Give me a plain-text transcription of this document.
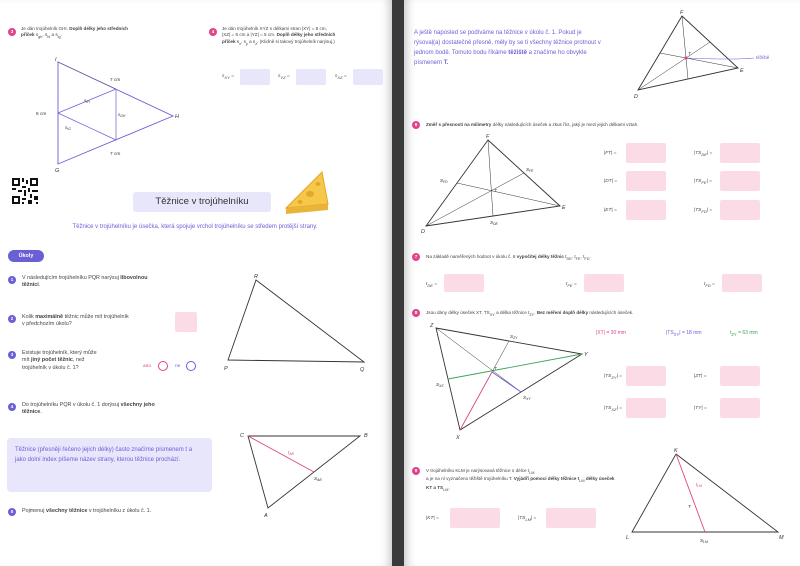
3
Je dán trojúhelník GHI. Doplň délky jeho středních
příček $s_{gh}$, $s_{hi}$ a $s_{ig}$.
I
H
G
7 cm
7 cm
6 cm
$s_{IH}$
$s_{GH}$
$s_{IG}$
4
Je dán trojúhelník XYZ s délkami stran |XY| = 8 cm,
|XZ| = 6 cm a |YZ| = 5 cm. Doplň délky jeho středních
příček $s_x$, $s_y$ a $s_z$. (Kliďně si takový trojúhelník narýsuj.)
$s_{XY}$ =	$s_{YZ}$ =	$s_{XZ}$ =
Těžnice v trojúhelníku
Těžnice v trojúhelníku je úsečka, která spojuje vrchol trojúhelníku se středem protější strany.
Úkoly
1	V následujícím trojúhelníku PQR narýsuj libovolnou
těžnici.
2	Kolik maximálně těžnic může mít trojúhelník
v předchozím úkolu?
3	Existuje trojúhelník, který může
mít jiný počet těžnic, než
trojúhelník v úkolu č. 1?	ano	ne
4	Do trojúhelníku PQR v úkolu č. 1 dorýsuj všechny jeho
těžnice.
R
Q
P
Těžnice (přesněji řečeno jejich délky) často značíme písmenem t a jako dolní index píšeme název strany, kterou těžnice prochází.
C	B
A
$t_{AB}$
$S_{AB}$
5	Pojmenuj všechny těžnice v trojúhelníku z úkolu č. 1.
A ještě naposled se podíváme na těžnice v úkolu č. 1. Pokud je rýsovaļ(a) dostatečně přesně, měly by se ti všechny těžnice protnout v jednom bodě. Tomuto bodu říkáme těžiště a značíme ho obvykle písmenem T.
F
E
D
T
těžiště
6	Změř s přesností na milimetry délky následujících úseček a zkus říct, jaký je mezi jejich délkami vztah.
F
E
D
T
$S_{FD}$
$S_{FE}$
$S_{DE}$
|FT| =	$|TS_{DE}|$ =
|DT| =	$|TS_{FE}|$ =
|ET| =	$|TS_{FD}|$ =
7	Na základě naměřených hodnot v úkolu č. 6 vypočítej délky těžnic $t_{DE}$, $t_{FE}$, $t_{FD}$.
$t_{DE}$ =	$t_{FE}$ =	$t_{FD}$ =
8	Jsou dány délky úseček XT, $TS_{XY}$ a délka těžnice $t_{ZY}$. Bez měření doplň délky následujících úseček.
|XT| = 30 mm	$|TS_{XY}| = 18$ mm	$t_{ZY} = 63$ mm
Z
Y
X
T
$S_{ZY}$
$S_{XZ}$
$S_{XY}$
$|TS_{ZY}|$ =	|ZT| =
$|TS_{XZ}|$ =	|TY| =
9	V trojúhelníku KLM je narýsovaná těžnice o délce $t_{LM}$
a je na ní vyznačeno těžiště trojúhelníku T. Vyjádři pomocí délky těžnice $t_{LM}$ délky úseček KT a $TS_{LM}$.
|KT| =	$|TS_{LM}|$ =
K
M
L
T
$t_{LM}$
$S_{LM}$
